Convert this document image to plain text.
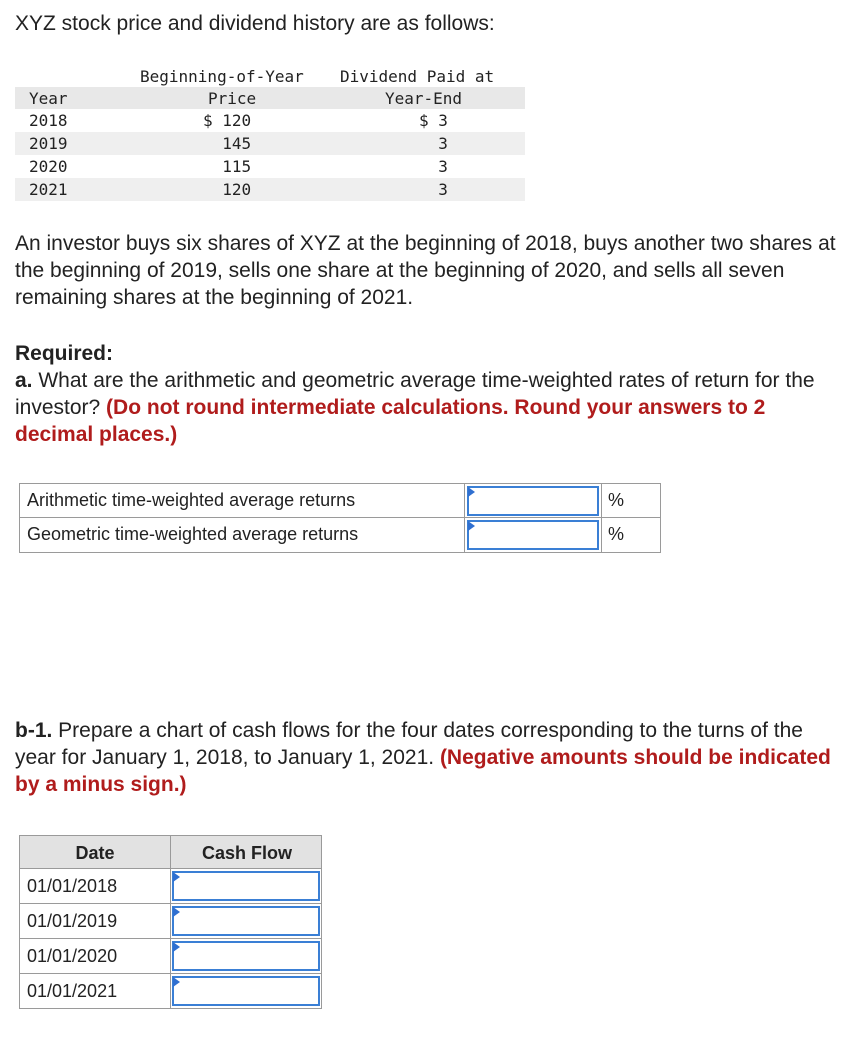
XYZ stock price and dividend history are as follows:
Beginning-of-Year Dividend Paid at
Year	Price	Year-End
2018	$ 120	$ 3
2019	145	3
2020	115	3
2021	120	3
An investor buys six shares of XYZ at the beginning of 2018, buys another two shares at the beginning of 2019, sells one share at the beginning of 2020, and sells all seven remaining shares at the beginning of 2021.
Required:
a. What are the arithmetic and geometric average time-weighted rates of return for the investor? (Do not round intermediate calculations. Round your answers to 2 decimal places.)
Arithmetic time-weighted average returns	%
Geometric time-weighted average returns	%
b-1. Prepare a chart of cash flows for the four dates corresponding to the turns of the year for January 1, 2018, to January 1, 2021. (Negative amounts should be indicated by a minus sign.)
Date	Cash Flow
01/01/2018
01/01/2019
01/01/2020
01/01/2021
